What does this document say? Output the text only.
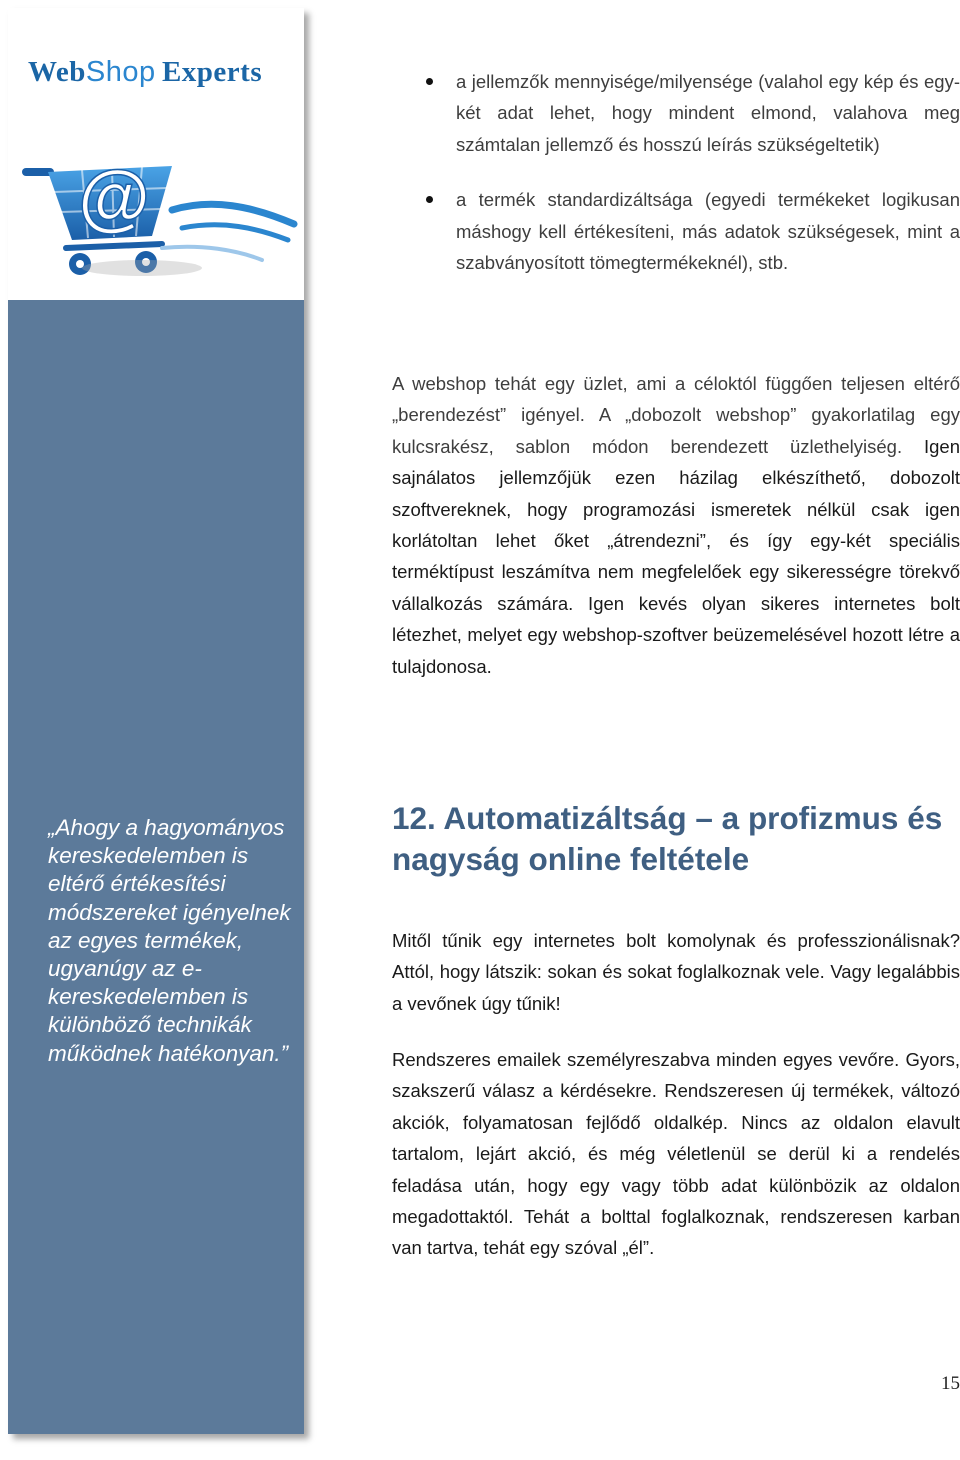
WebShop  Experts
@

„Ahogy a hagyományos kereskedelemben is eltérő értékesítési módszereket igényelnek az egyes termékek, ugyanúgy az e-kereskedelemben is különböző technikák működnek hatékonyan.”

a jellemzők mennyisége/milyensége (valahol egy kép és egy-két adat lehet, hogy mindent elmond, valahova meg számtalan jellemző és hosszú leírás szükségeltetik)

a termék standardizáltsága (egyedi termékeket logikusan máshogy kell értékesíteni, más adatok szükségesek, mint a szabványosított tömegtermékeknél), stb.

A webshop tehát egy üzlet, ami a céloktól függően teljesen eltérő „berendezést” igényel. A „dobozolt webshop” gyakorlatilag egy kulcsrakész, sablon módon berendezett üzlethelyiség. Igen sajnálatos jellemzőjük ezen házilag elkészíthető, dobozolt szoftvereknek, hogy programozási ismeretek nélkül csak igen korlátoltan lehet őket „átrendezni”, és így egy-két speciális terméktípust leszámítva nem megfelelőek egy sikerességre törekvő vállalkozás számára. Igen kevés olyan sikeres internetes bolt létezhet, melyet egy webshop-szoftver beüzemelésével hozott létre a tulajdonosa.

12. Automatizáltság – a profizmus és nagyság online feltétele

Mitől tűnik egy internetes bolt komolynak és professzionálisnak? Attól, hogy látszik: sokan és sokat foglalkoznak vele. Vagy legalábbis a vevőnek úgy tűnik!

Rendszeres emailek személyreszabva minden egyes vevőre. Gyors, szakszerű válasz a kérdésekre. Rendszeresen új termékek, változó akciók, folyamatosan fejlődő oldalkép. Nincs az oldalon elavult tartalom, lejárt akció, és még véletlenül se derül ki a rendelés feladása után, hogy egy vagy több adat különbözik az oldalon megadottaktól. Tehát a bolttal foglalkoznak, rendszeresen karban van tartva, tehát egy szóval „él”.

15
